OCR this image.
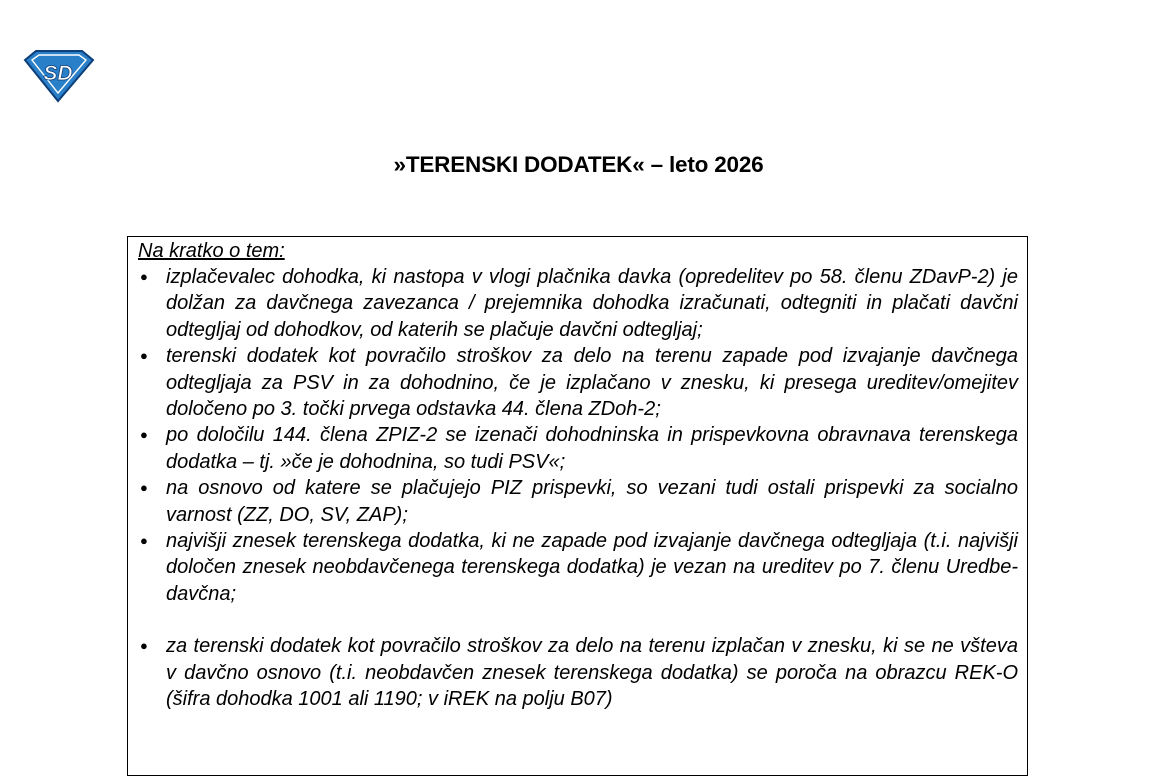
SD
»TERENSKI DODATEK« – leto 2026
Na kratko o tem:
● izplačevalec dohodka, ki nastopa v vlogi plačnika davka (opredelitev po 58. členu ZDavP-2) je dolžan za davčnega zavezanca / prejemnika dohodka izračunati, odtegniti in plačati davčni odtegljaj od dohodkov, od katerih se plačuje davčni odtegljaj;
● terenski dodatek kot povračilo stroškov za delo na terenu zapade pod izvajanje davčnega odtegljaja za PSV in za dohodnino, če je izplačano v znesku, ki presega ureditev/omejitev določeno po 3. točki prvega odstavka 44. člena ZDoh-2;
● po določilu 144. člena ZPIZ-2 se izenači dohodninska in prispevkovna obravnava terenskega dodatka – tj. »če je dohodnina, so tudi PSV«;
● na osnovo od katere se plačujejo PIZ prispevki, so vezani tudi ostali prispevki za socialno varnost (ZZ, DO, SV, ZAP);
● najvišji znesek terenskega dodatka, ki ne zapade pod izvajanje davčnega odtegljaja (t.i. najvišji določen znesek neobdavčenega terenskega dodatka) je vezan na ureditev po 7. členu Uredbe-davčna;
● za terenski dodatek kot povračilo stroškov za delo na terenu izplačan v znesku, ki se ne všteva v davčno osnovo (t.i. neobdavčen znesek terenskega dodatka) se poroča na obrazcu REK-O (šifra dohodka 1001 ali 1190; v iREK na polju B07)
